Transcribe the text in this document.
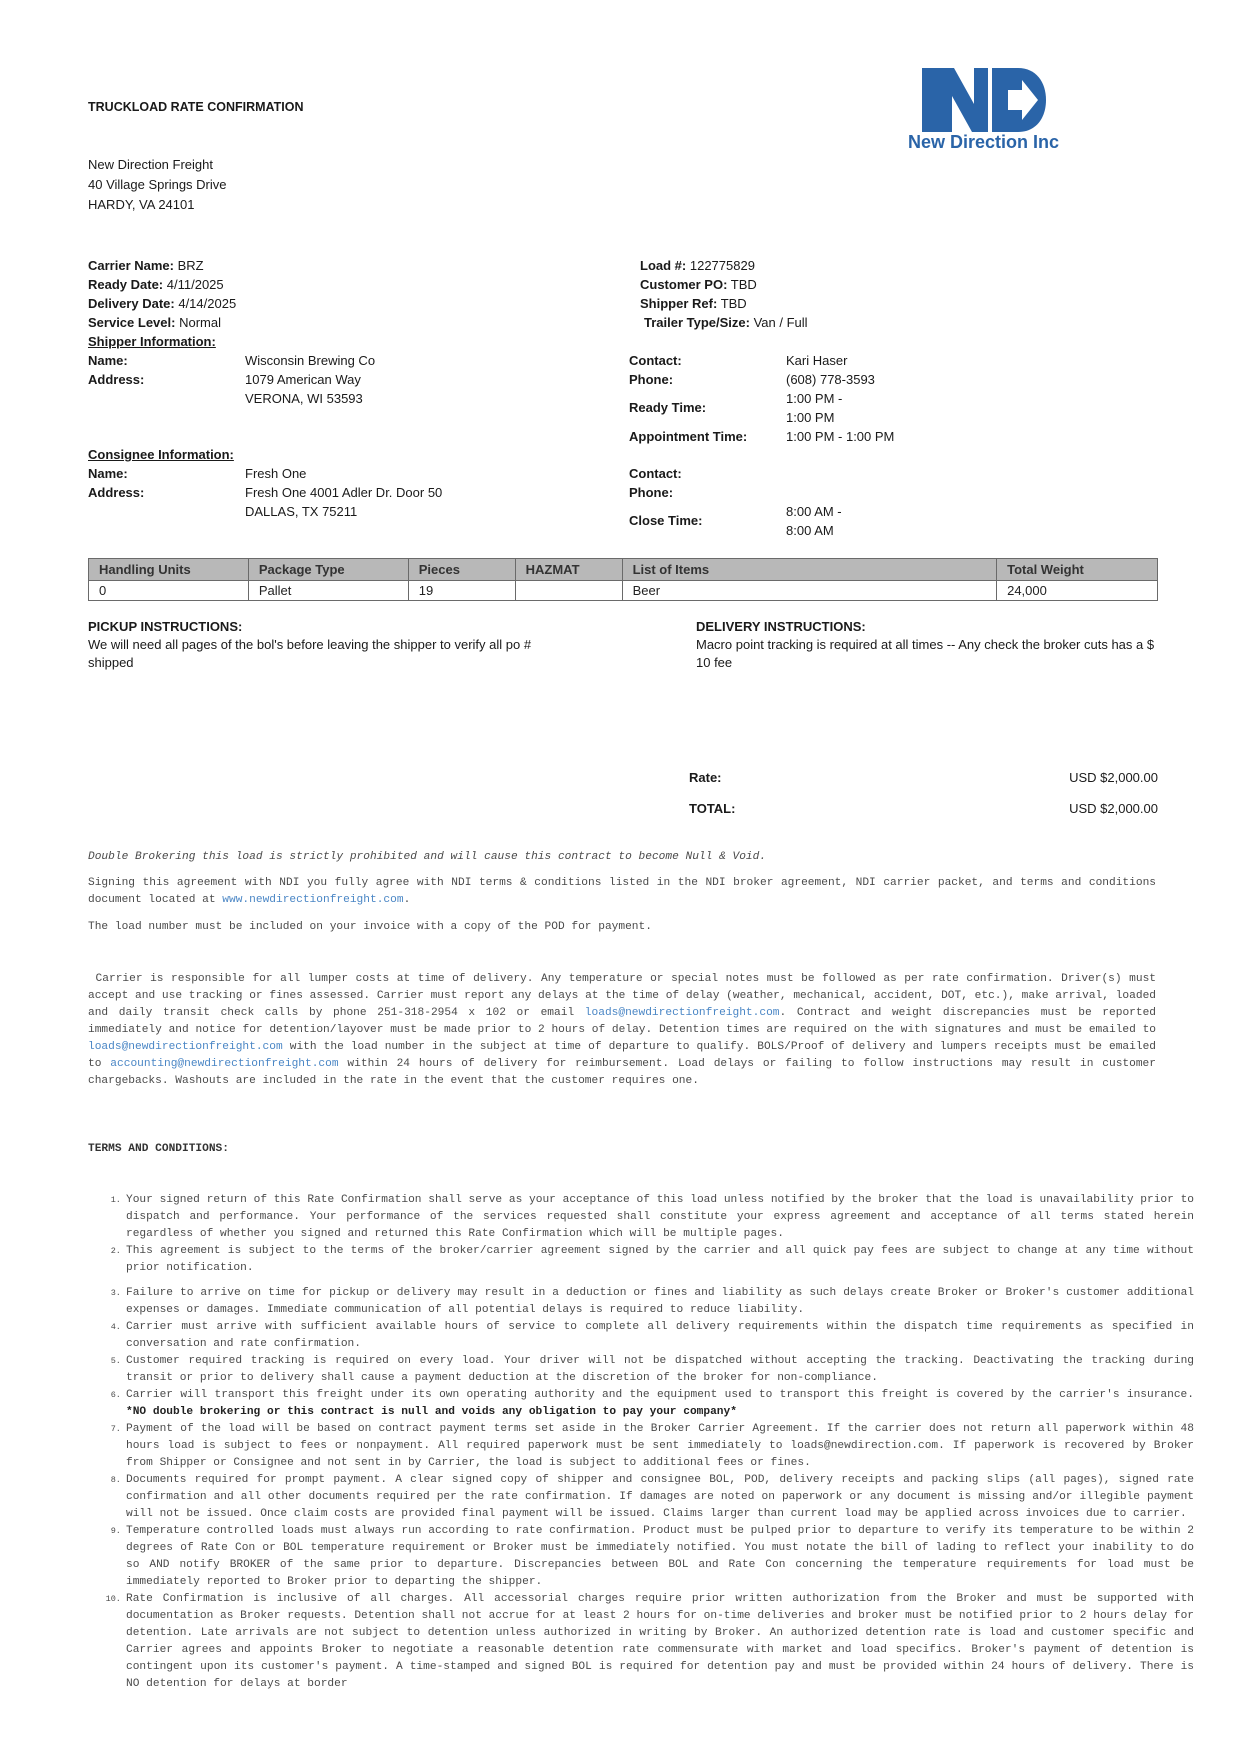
TRUCKLOAD RATE CONFIRMATION
New Direction Inc
New Direction Freight
40 Village Springs Drive
HARDY, VA 24101
Carrier Name: BRZ
Ready Date: 4/11/2025
Delivery Date: 4/14/2025
Service Level: Normal
Load #: 122775829
Customer PO: TBD
Shipper Ref: TBD
Trailer Type/Size: Van / Full
Shipper Information:
Name:	Wisconsin Brewing Co
Address:	1079 American Way
VERONA, WI 53593
Contact:	Kari Haser
Phone:	(608) 778-3593
Ready Time:
1:00 PM -
1:00 PM
Appointment Time:	1:00 PM - 1:00 PM
Consignee Information:
Name:	Fresh One
Address:	Fresh One 4001 Adler Dr. Door 50
DALLAS, TX 75211
Contact:
Phone:
Close Time:
8:00 AM -
8:00 AM
Handling Units	Package Type	Pieces	HAZMAT	List of Items	Total Weight
0	Pallet	19		Beer	24,000
PICKUP INSTRUCTIONS:
We will need all pages of the bol's before leaving the shipper to verify all po # shipped
DELIVERY INSTRUCTIONS:
Macro point tracking is required at all times -- Any check the broker cuts has a $ 10 fee
Rate:	USD $2,000.00
TOTAL:	USD $2,000.00
Double Brokering this load is strictly prohibited and will cause this contract to become Null & Void.
Signing this agreement with NDI you fully agree with NDI terms & conditions listed in the NDI broker agreement, NDI carrier packet, and terms and conditions document located at www.newdirectionfreight.com.
The load number must be included on your invoice with a copy of the POD for payment.
Carrier is responsible for all lumper costs at time of delivery. Any temperature or special notes must be followed as per rate confirmation. Driver(s) must accept and use tracking or fines assessed. Carrier must report any delays at the time of delay (weather, mechanical, accident, DOT, etc.), make arrival, loaded and daily transit check calls by phone 251-318-2954 x 102 or email loads@newdirectionfreight.com. Contract and weight discrepancies must be reported immediately and notice for detention/layover must be made prior to 2 hours of delay. Detention times are required on the with signatures and must be emailed to loads@newdirectionfreight.com with the load number in the subject at time of departure to qualify. BOLS/Proof of delivery and lumpers receipts must be emailed to accounting@newdirectionfreight.com within 24 hours of delivery for reimbursement. Load delays or failing to follow instructions may result in customer chargebacks. Washouts are included in the rate in the event that the customer requires one.
TERMS AND CONDITIONS:
1. Your signed return of this Rate Confirmation shall serve as your acceptance of this load unless notified by the broker that the load is unavailability prior to dispatch and performance. Your performance of the services requested shall constitute your express agreement and acceptance of all terms stated herein regardless of whether you signed and returned this Rate Confirmation which will be multiple pages.
2. This agreement is subject to the terms of the broker/carrier agreement signed by the carrier and all quick pay fees are subject to change at any time without prior notification.
3. Failure to arrive on time for pickup or delivery may result in a deduction or fines and liability as such delays create Broker or Broker's customer additional expenses or damages. Immediate communication of all potential delays is required to reduce liability.
4. Carrier must arrive with sufficient available hours of service to complete all delivery requirements within the dispatch time requirements as specified in conversation and rate confirmation.
5. Customer required tracking is required on every load. Your driver will not be dispatched without accepting the tracking. Deactivating the tracking during transit or prior to delivery shall cause a payment deduction at the discretion of the broker for non-compliance.
6. Carrier will transport this freight under its own operating authority and the equipment used to transport this freight is covered by the carrier's insurance. *NO double brokering or this contract is null and voids any obligation to pay your company*
7. Payment of the load will be based on contract payment terms set aside in the Broker Carrier Agreement. If the carrier does not return all paperwork within 48 hours load is subject to fees or nonpayment. All required paperwork must be sent immediately to loads@newdirection.com. If paperwork is recovered by Broker from Shipper or Consignee and not sent in by Carrier, the load is subject to additional fees or fines.
8. Documents required for prompt payment. A clear signed copy of shipper and consignee BOL, POD, delivery receipts and packing slips (all pages), signed rate confirmation and all other documents required per the rate confirmation. If damages are noted on paperwork or any document is missing and/or illegible payment will not be issued. Once claim costs are provided final payment will be issued. Claims larger than current load may be applied across invoices due to carrier.
9. Temperature controlled loads must always run according to rate confirmation. Product must be pulped prior to departure to verify its temperature to be within 2 degrees of Rate Con or BOL temperature requirement or Broker must be immediately notified. You must notate the bill of lading to reflect your inability to do so AND notify BROKER of the same prior to departure. Discrepancies between BOL and Rate Con concerning the temperature requirements for load must be immediately reported to Broker prior to departing the shipper.
10. Rate Confirmation is inclusive of all charges. All accessorial charges require prior written authorization from the Broker and must be supported with documentation as Broker requests. Detention shall not accrue for at least 2 hours for on-time deliveries and broker must be notified prior to 2 hours delay for detention. Late arrivals are not subject to detention unless authorized in writing by Broker. An authorized detention rate is load and customer specific and Carrier agrees and appoints Broker to negotiate a reasonable detention rate commensurate with market and load specifics. Broker's payment of detention is contingent upon its customer's payment. A time-stamped and signed BOL is required for detention pay and must be provided within 24 hours of delivery. There is NO detention for delays at border
